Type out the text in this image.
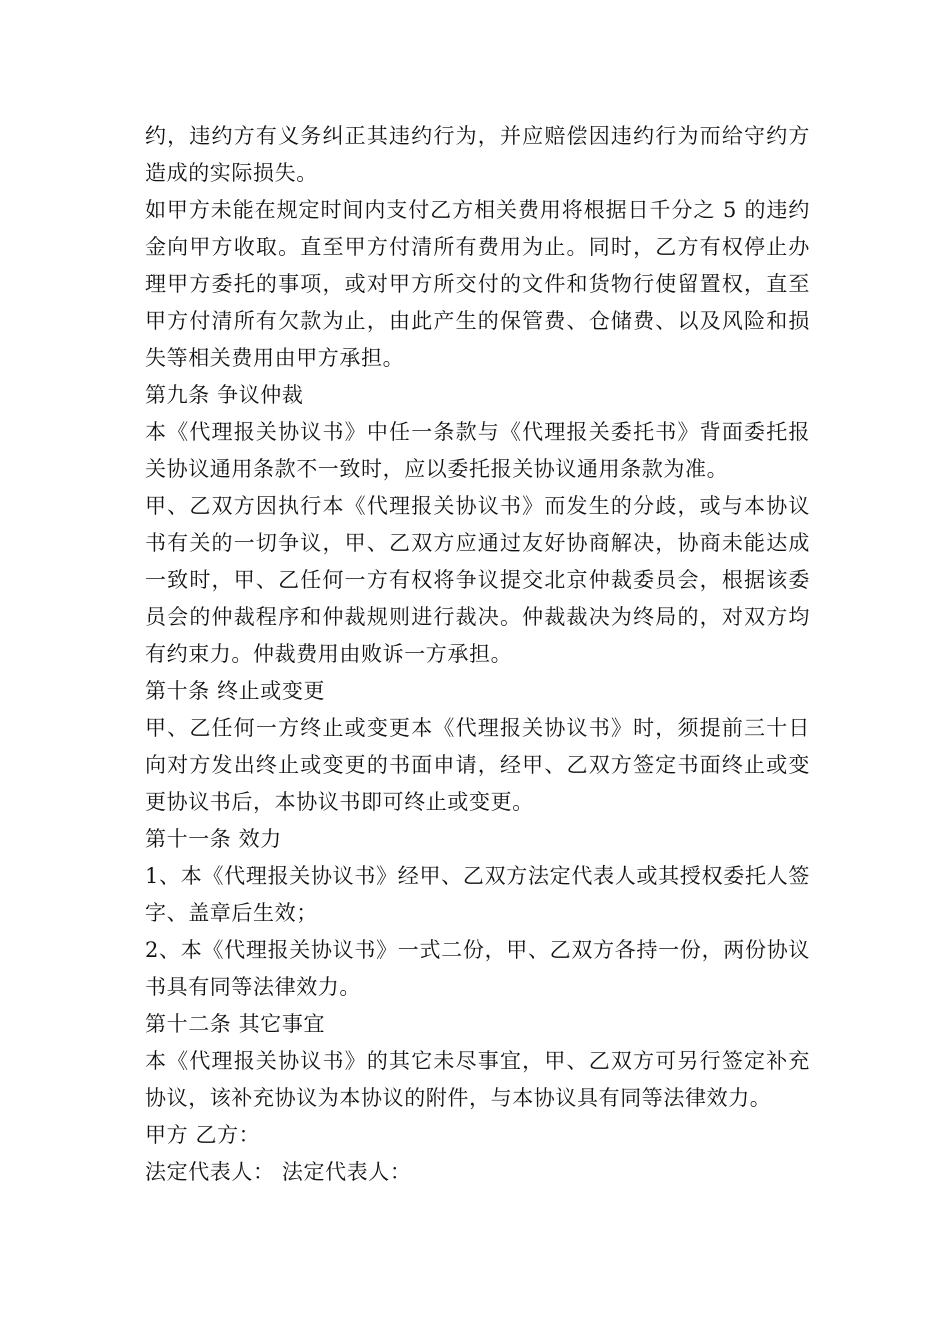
约，违约方有义务纠正其违约行为，并应赔偿因违约行为而给守约方造成的实际损失。

如甲方未能在规定时间内支付乙方相关费用将根据日千分之 5 的违约金向甲方收取。直至甲方付清所有费用为止。同时，乙方有权停止办理甲方委托的事项，或对甲方所交付的文件和货物行使留置权，直至甲方付清所有欠款为止，由此产生的保管费、仓储费、以及风险和损失等相关费用由甲方承担。

第九条 争议仲裁

本《代理报关协议书》中任一条款与《代理报关委托书》背面委托报关协议通用条款不一致时，应以委托报关协议通用条款为准。

甲、乙双方因执行本《代理报关协议书》而发生的分歧，或与本协议书有关的一切争议，甲、乙双方应通过友好协商解决，协商未能达成一致时，甲、乙任何一方有权将争议提交北京仲裁委员会，根据该委员会的仲裁程序和仲裁规则进行裁决。仲裁裁决为终局的，对双方均有约束力。仲裁费用由败诉一方承担。

第十条 终止或变更

甲、乙任何一方终止或变更本《代理报关协议书》时，须提前三十日向对方发出终止或变更的书面申请，经甲、乙双方签定书面终止或变更协议书后，本协议书即可终止或变更。

第十一条 效力

1、本《代理报关协议书》经甲、乙双方法定代表人或其授权委托人签字、盖章后生效；

2、本《代理报关协议书》一式二份，甲、乙双方各持一份，两份协议书具有同等法律效力。

第十二条 其它事宜

本《代理报关协议书》的其它未尽事宜，甲、乙双方可另行签定补充协议，该补充协议为本协议的附件，与本协议具有同等法律效力。

甲方 乙方：

法定代表人： 法定代表人：
